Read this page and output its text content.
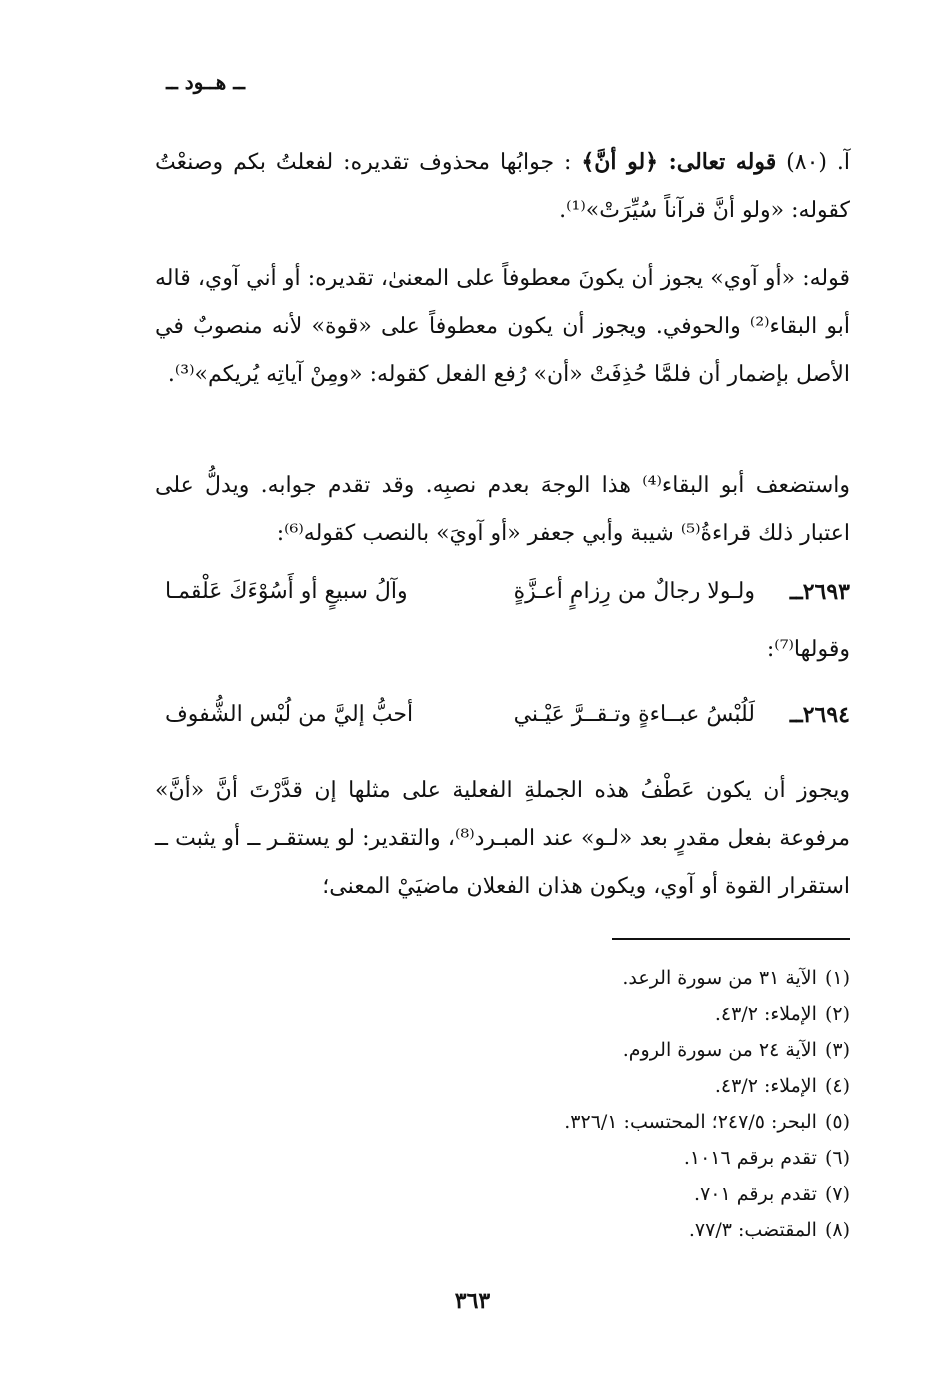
ــ هــود ــ
آ. (٨٠) قوله تعالى: ﴿لو أنَّ﴾ : جوابُها محذوف تقديره: لفعلتُ بكم وصنعْتُ كقوله: «ولو أنَّ قرآناً سُيِّرَتْ»⁽¹⁾.
قوله: «أو آوي» يجوز أن يكونَ معطوفاً على المعنىٰ، تقديره: أو أني آوي، قاله أبو البقاء⁽²⁾ والحوفي. ويجوز أن يكون معطوفاً على «قوة» لأنه منصوبٌ في الأصل بإضمار أن فلمَّا حُذِفَتْ «أن» رُفع الفعل كقوله: «ومِنْ آياتِه يُريكم»⁽³⁾.
واستضعف أبو البقاء⁽⁴⁾ هذا الوجهَ بعدم نصبِه. وقد تقدم جوابه. ويدلُّ على اعتبار ذلك قراءةُ⁽⁵⁾ شيبة وأبي جعفر «أو آويَ» بالنصب كقوله⁽⁶⁾:
٢٦٩٣ــ
ولـولا رجالٌ من رِزامٍ أعـزَّةٍ
وآلُ سبيعٍ أو أَسُوْءَكَ عَلْقمـا
وقولها⁽⁷⁾:
٢٦٩٤ــ
لَلُبْسُ عبــاءةٍ وتـقــرَّ عَيْـني
أحبُّ إليَّ من لُبْس الشُّفوف
ويجوز أن يكون عَطْفُ هذه الجملةِ الفعلية على مثلها إن قدَّرْتَ أنَّ «أنَّ» مرفوعة بفعل مقدرٍ بعد «لـو» عند المبـرد⁽⁸⁾، والتقدير: لو يستقـر ــ أو يثبت ــ استقرار القوة أو آوي، ويكون هذان الفعلان ماضيَيْ المعنى؛
(١)الآية ٣١ من سورة الرعد.
(٢)الإملاء: ٤٣/٢.
(٣)الآية ٢٤ من سورة الروم.
(٤)الإملاء: ٤٣/٢.
(٥)البحر: ٢٤٧/٥؛ المحتسب: ٣٢٦/١.
(٦)تقدم برقم ١٠١٦.
(٧)تقدم برقم ٧٠١.
(٨)المقتضب: ٧٧/٣.
٣٦٣
